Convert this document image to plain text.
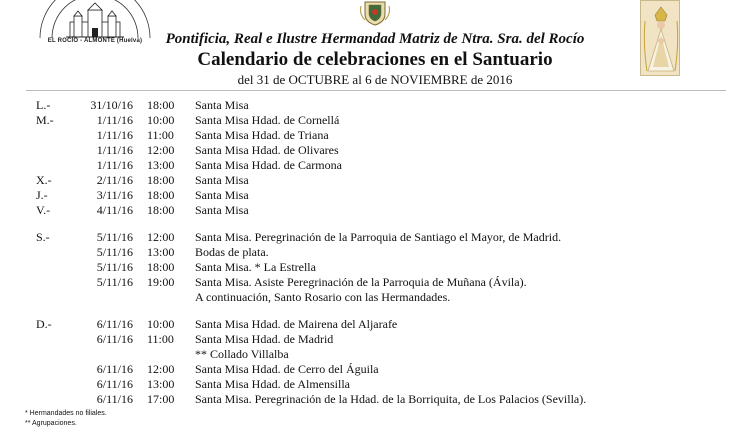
EL ROCÍO - ALMONTE (Huelva)	Pontificia, Real e Ilustre Hermandad Matriz de Ntra. Sra. del Rocío
Calendario de celebraciones en el Santuario
del 31 de OCTUBRE al 6 de NOVIEMBRE de 2016
L.-	31/10/16 18:00 Santa Misa
M.-	1/11/16 10:00 Santa Misa Hdad. de Cornellá
1/11/16 11:00 Santa Misa Hdad. de Triana
1/11/16 12:00 Santa Misa Hdad. de Olivares
1/11/16 13:00 Santa Misa Hdad. de Carmona
X.-	2/11/16 18:00 Santa Misa
J.-	3/11/16 18:00 Santa Misa
V.-	4/11/16 18:00 Santa Misa
S.-	5/11/16 12:00 Santa Misa. Peregrinación de la Parroquia de Santiago el Mayor, de Madrid.
5/11/16 13:00 Bodas de plata.
5/11/16 18:00 Santa Misa. * La Estrella
5/11/16 19:00 Santa Misa. Asiste Peregrinación de la Parroquia de Muñana (Ávila).
A continuación, Santo Rosario con las Hermandades.
D.-	6/11/16 10:00 Santa Misa Hdad. de Mairena del Aljarafe
6/11/16 11:00 Santa Misa Hdad. de Madrid
** Collado Villalba
6/11/16 12:00 Santa Misa Hdad. de Cerro del Águila
6/11/16 13:00 Santa Misa Hdad. de Almensilla
6/11/16 17:00 Santa Misa. Peregrinación de la Hdad. de la Borriquita, de Los Palacios (Sevilla).
* Hermandades no filiales.
** Agrupaciones.
